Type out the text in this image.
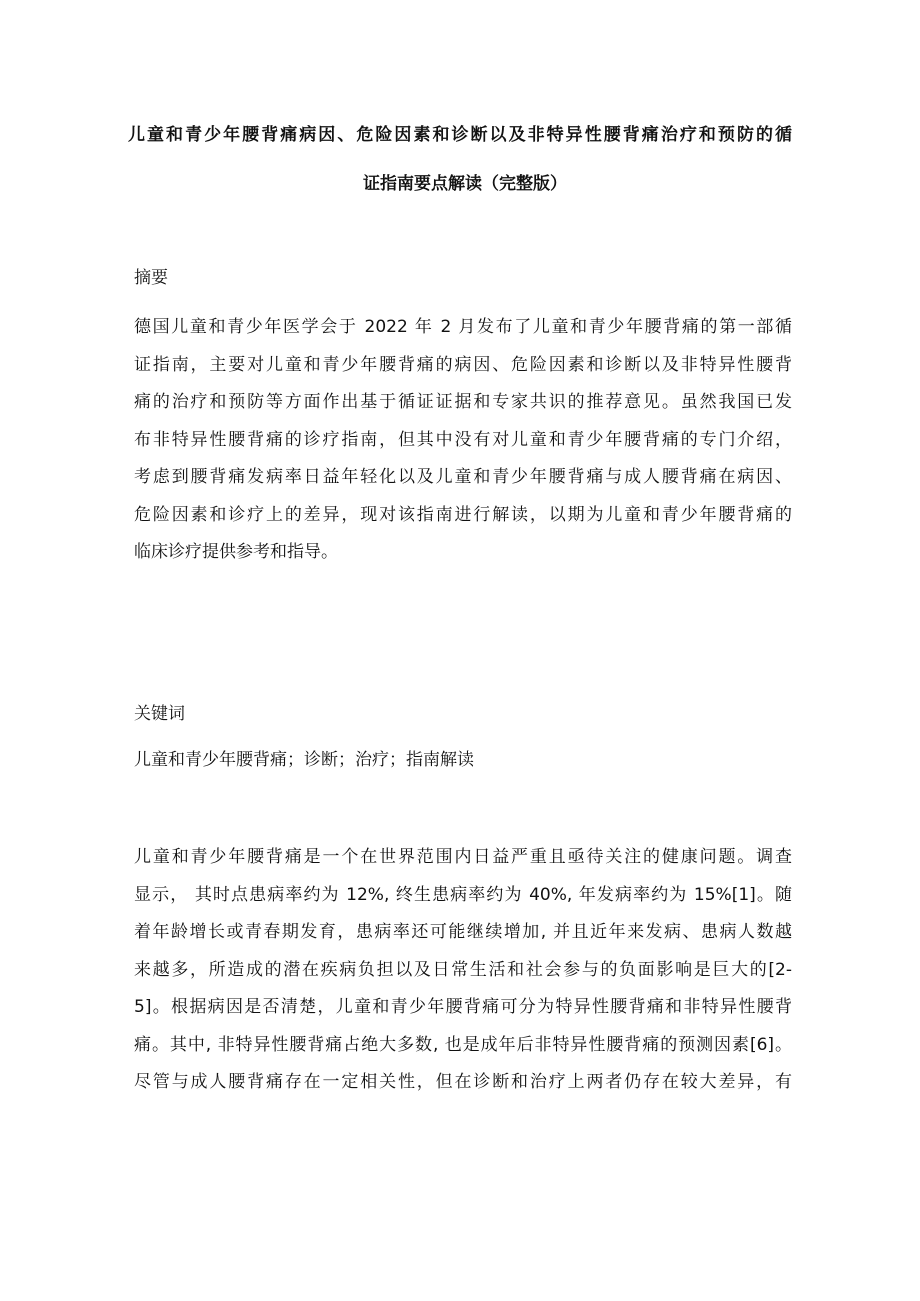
儿童和青少年腰背痛病因、危险因素和诊断以及非特异性腰背痛治疗和预防的循
证指南要点解读（完整版）
摘要
德国儿童和青少年医学会于 2022 年 2 月发布了儿童和青少年腰背痛的第一部循
证指南，主要对儿童和青少年腰背痛的病因、危险因素和诊断以及非特异性腰背
痛的治疗和预防等方面作出基于循证证据和专家共识的推荐意见。虽然我国已发
布非特异性腰背痛的诊疗指南，但其中没有对儿童和青少年腰背痛的专门介绍，
考虑到腰背痛发病率日益年轻化以及儿童和青少年腰背痛与成人腰背痛在病因、
危险因素和诊疗上的差异，现对该指南进行解读，以期为儿童和青少年腰背痛的
临床诊疗提供参考和指导。
关键词
儿童和青少年腰背痛；诊断；治疗；指南解读
儿童和青少年腰背痛是一个在世界范围内日益严重且亟待关注的健康问题。调查
显示， 其时点患病率约为 12%, 终生患病率约为 40%, 年发病率约为 15%[1]。随
着年龄增长或青春期发育，患病率还可能继续增加, 并且近年来发病、患病人数越
来越多，所造成的潜在疾病负担以及日常生活和社会参与的负面影响是巨大的[2-
5]。根据病因是否清楚，儿童和青少年腰背痛可分为特异性腰背痛和非特异性腰背
痛。其中, 非特异性腰背痛占绝大多数, 也是成年后非特异性腰背痛的预测因素[6]。
尽管与成人腰背痛存在一定相关性，但在诊断和治疗上两者仍存在较大差异，有
